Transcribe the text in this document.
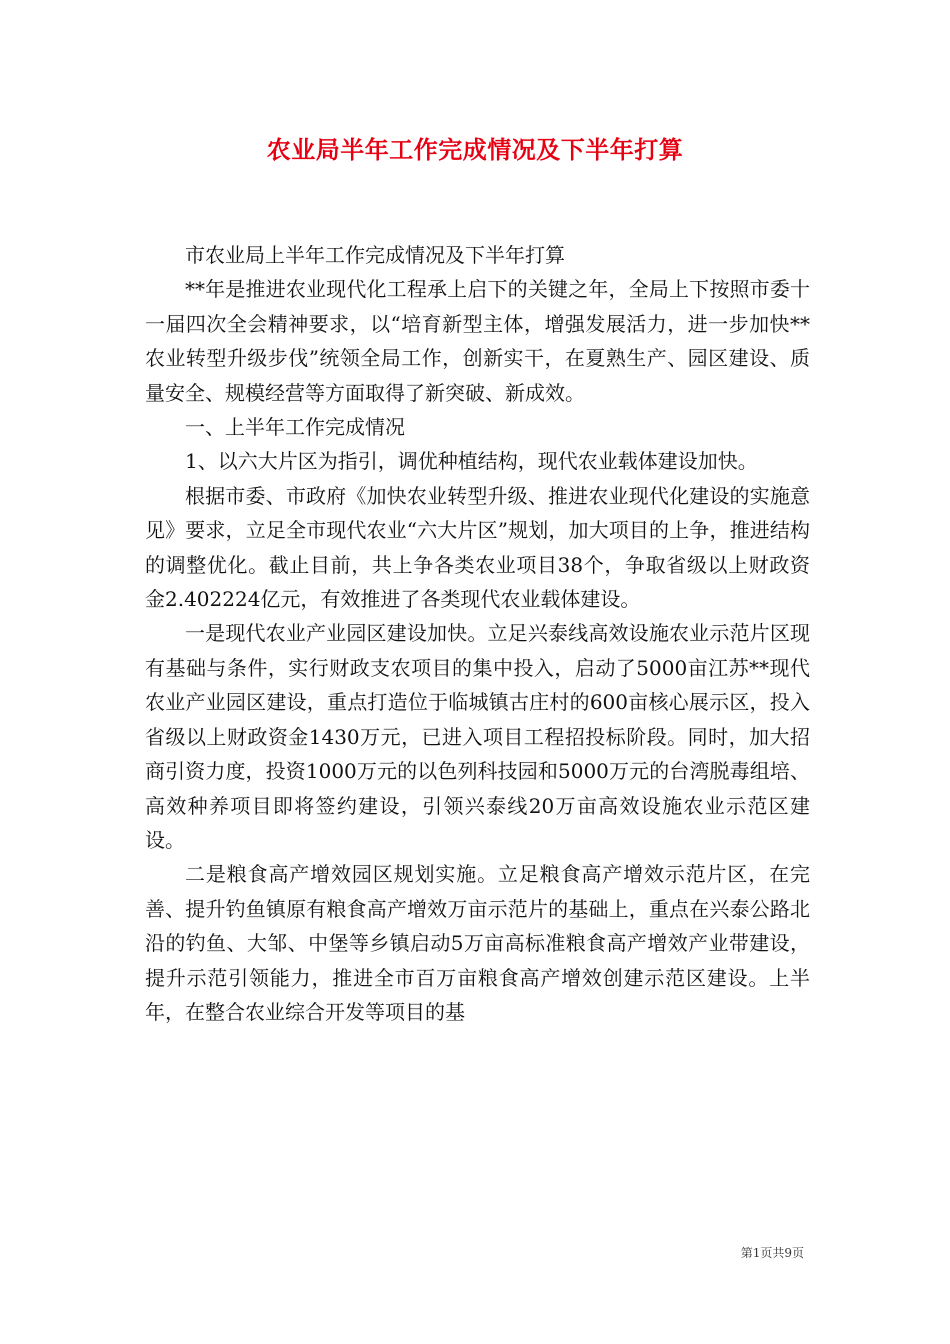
农业局半年工作完成情况及下半年打算

市农业局上半年工作完成情况及下半年打算

**年是推进农业现代化工程承上启下的关键之年，全局上下按照市委十一届四次全会精神要求，以“培育新型主体，增强发展活力，进一步加快**农业转型升级步伐”统领全局工作，创新实干，在夏熟生产、园区建设、质量安全、规模经营等方面取得了新突破、新成效。

一、上半年工作完成情况

1、以六大片区为指引，调优种植结构，现代农业载体建设加快。

根据市委、市政府《加快农业转型升级、推进农业现代化建设的实施意见》要求，立足全市现代农业“六大片区”规划，加大项目的上争，推进结构的调整优化。截止目前，共上争各类农业项目38个，争取省级以上财政资金2.402224亿元，有效推进了各类现代农业载体建设。

一是现代农业产业园区建设加快。立足兴泰线高效设施农业示范片区现有基础与条件，实行财政支农项目的集中投入，启动了5000亩江苏**现代农业产业园区建设，重点打造位于临城镇古庄村的600亩核心展示区，投入省级以上财政资金1430万元，已进入项目工程招投标阶段。同时，加大招商引资力度，投资1000万元的以色列科技园和5000万元的台湾脱毒组培、高效种养项目即将签约建设，引领兴泰线20万亩高效设施农业示范区建设。

二是粮食高产增效园区规划实施。立足粮食高产增效示范片区，在完善、提升钓鱼镇原有粮食高产增效万亩示范片的基础上，重点在兴泰公路北沿的钓鱼、大邹、中堡等乡镇启动5万亩高标准粮食高产增效产业带建设，提升示范引领能力，推进全市百万亩粮食高产增效创建示范区建设。上半年，在整合农业综合开发等项目的基

第1页共9页
